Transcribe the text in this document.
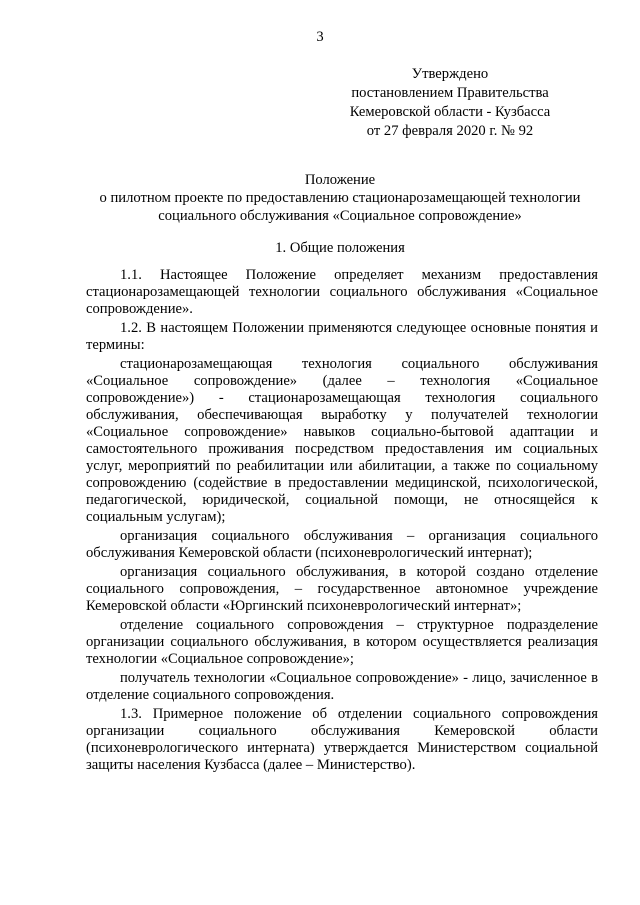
3
Утверждено
постановлением Правительства
Кемеровской области - Кузбасса
от 27 февраля 2020 г. № 92
Положение
о пилотном проекте по предоставлению стационарозамещающей технологии
социального обслуживания «Социальное сопровождение»
1. Общие положения

1.1. Настоящее Положение определяет механизм предоставления стационарозамещающей технологии социального обслуживания «Социальное сопровождение».

1.2. В настоящем Положении применяются следующее основные понятия и термины:

стационарозамещающая технология социального обслуживания «Социальное сопровождение» (далее – технология «Социальное сопровождение») - стационарозамещающая технология социального обслуживания, обеспечивающая выработку у получателей технологии «Социальное сопровождение» навыков социально-бытовой адаптации и самостоятельного проживания посредством предоставления им социальных услуг, мероприятий по реабилитации или абилитации, а также по социальному сопровождению (содействие в предоставлении медицинской, психологической, педагогической, юридической, социальной помощи, не относящейся к социальным услугам);

организация социального обслуживания – организация социального обслуживания Кемеровской области (психоневрологический интернат);

организация социального обслуживания, в которой создано отделение социального сопровождения, – государственное автономное учреждение Кемеровской области «Юргинский психоневрологический интернат»;

отделение социального сопровождения – структурное подразделение организации социального обслуживания, в котором осуществляется реализация технологии «Социальное сопровождение»;

получатель технологии «Социальное сопровождение» - лицо, зачисленное в отделение социального сопровождения.

1.3. Примерное положение об отделении социального сопровождения организации социального обслуживания Кемеровской области (психоневрологического интерната) утверждается Министерством социальной защиты населения Кузбасса (далее – Министерство).
